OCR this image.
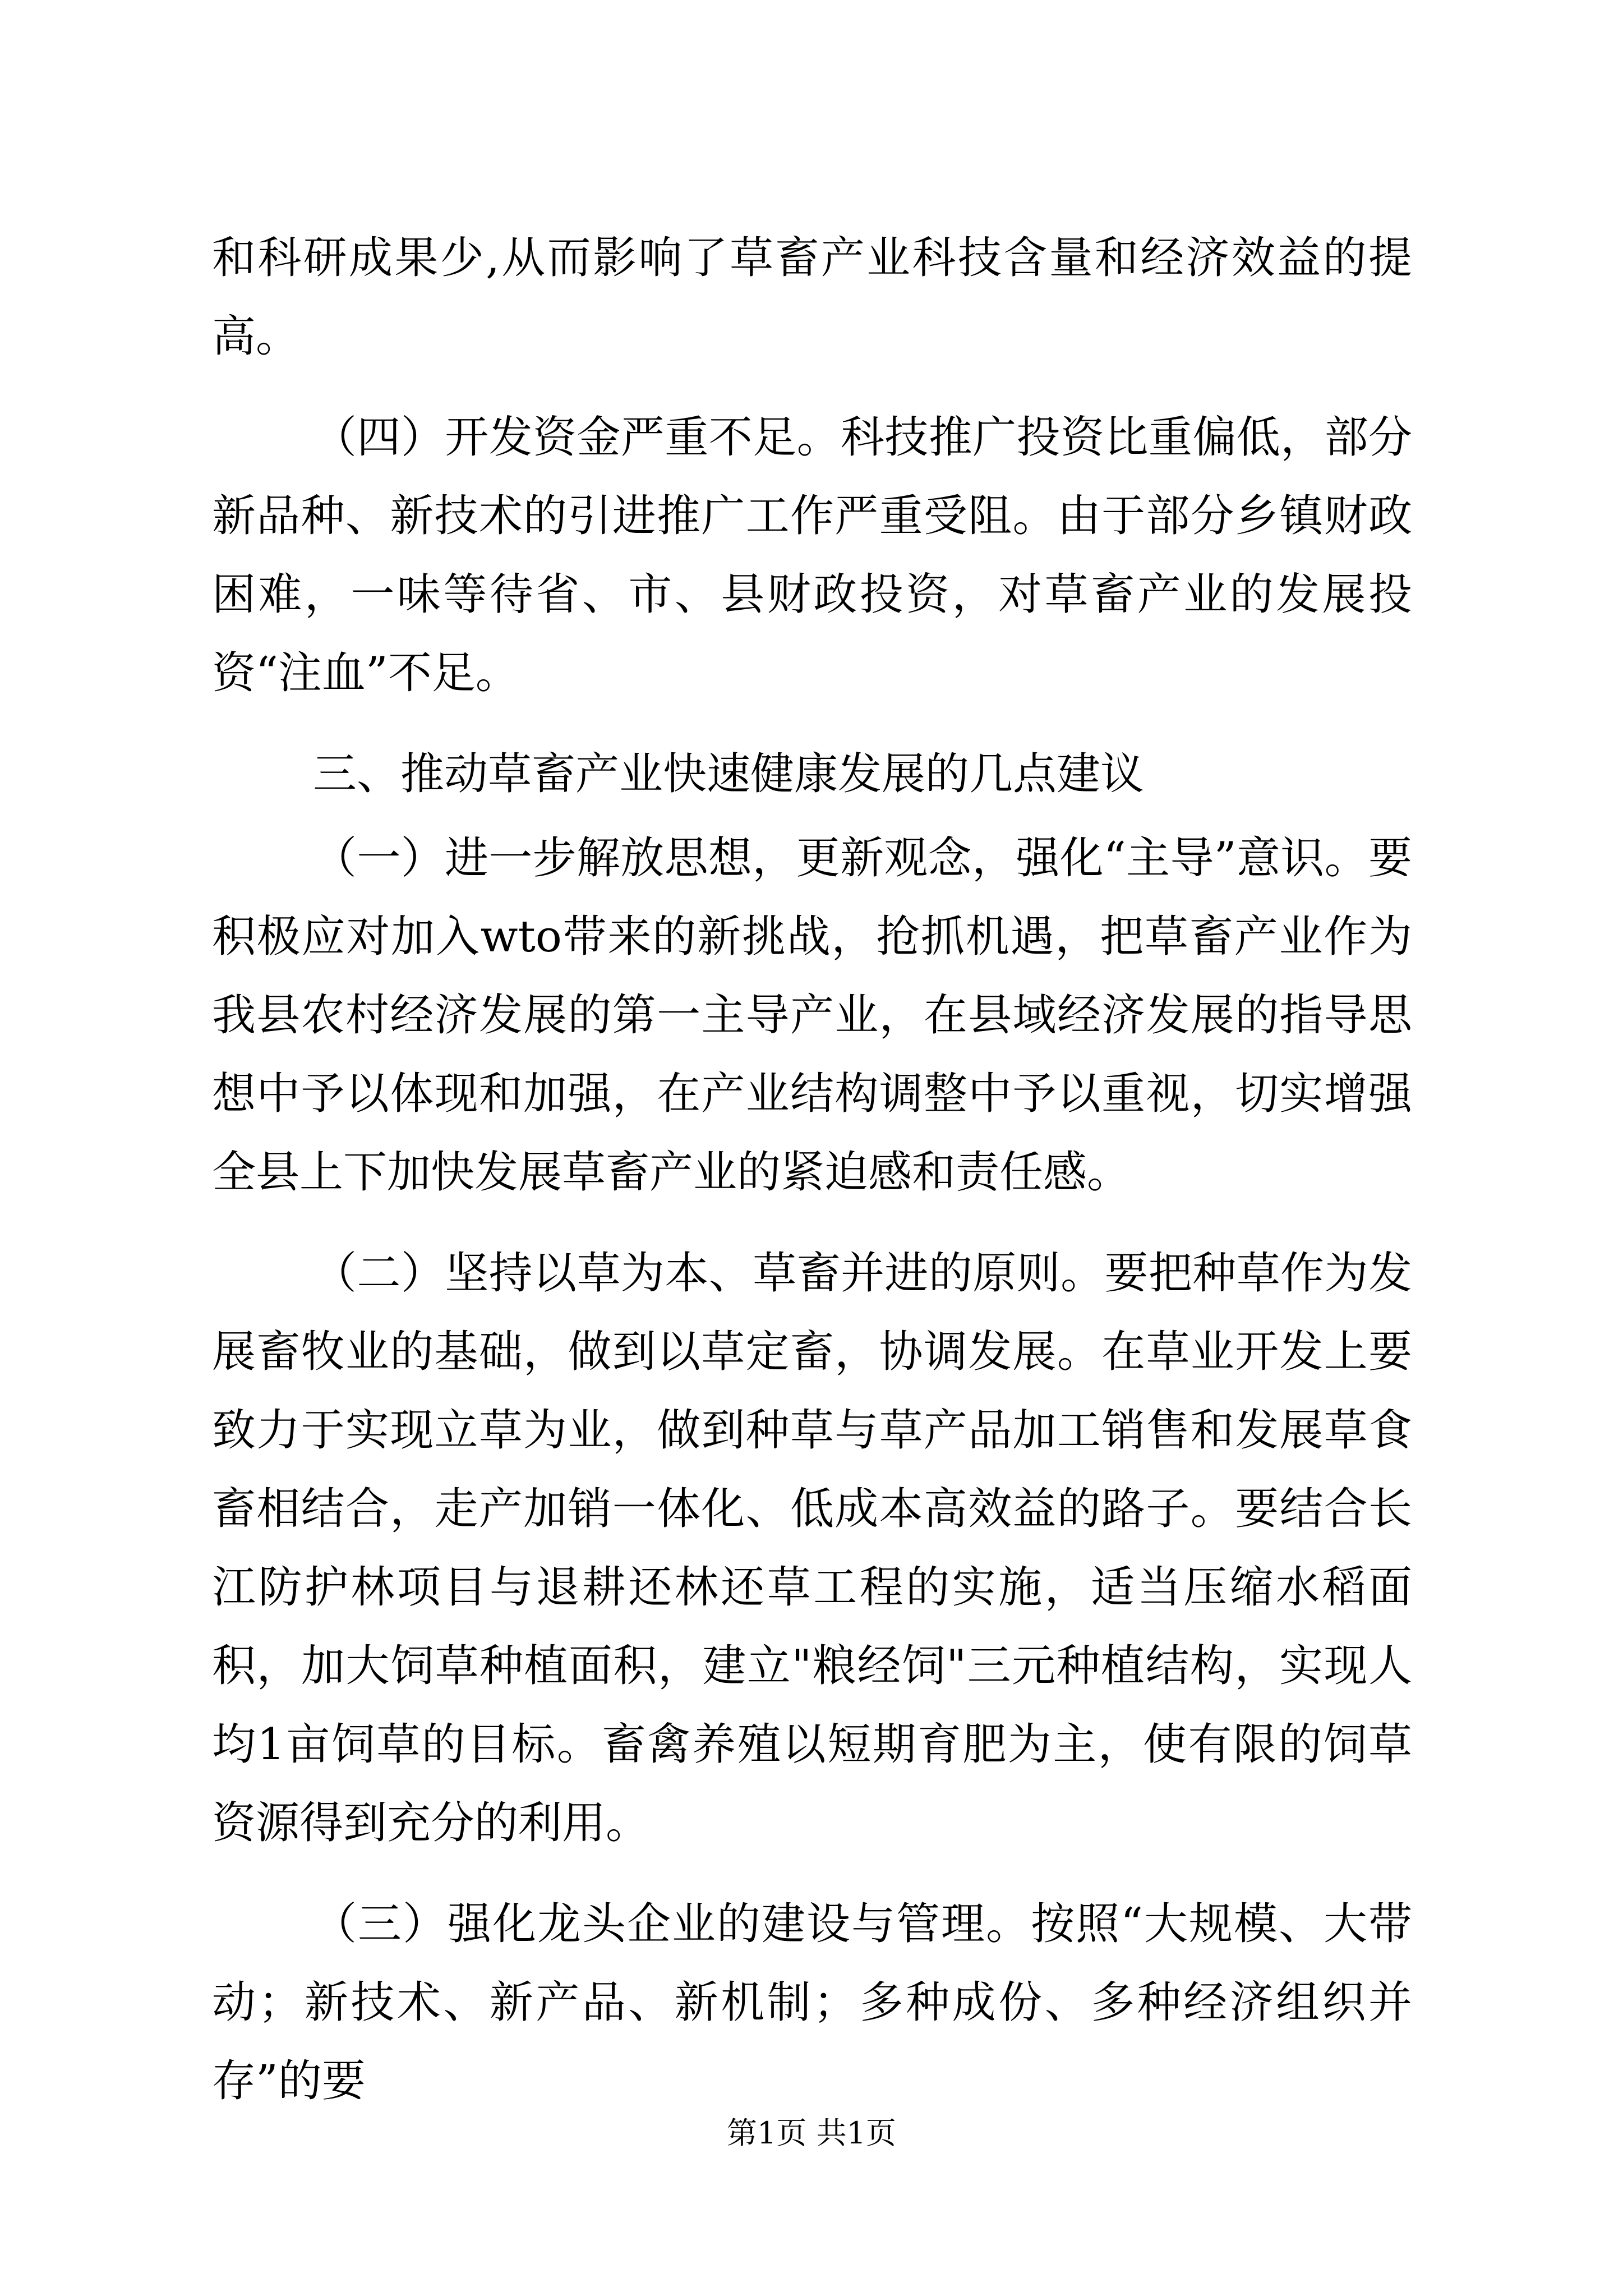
和科研成果少,从而影响了草畜产业科技含量和经济效益的提高。

（四）开发资金严重不足。科技推广投资比重偏低，部分新品种、新技术的引进推广工作严重受阻。由于部分乡镇财政困难，一味等待省、市、县财政投资，对草畜产业的发展投资“注血”不足。

三、推动草畜产业快速健康发展的几点建议

（一）进一步解放思想，更新观念，强化“主导”意识。要积极应对加入wto带来的新挑战，抢抓机遇，把草畜产业作为我县农村经济发展的第一主导产业，在县域经济发展的指导思想中予以体现和加强，在产业结构调整中予以重视，切实增强全县上下加快发展草畜产业的紧迫感和责任感。

（二）坚持以草为本、草畜并进的原则。要把种草作为发展畜牧业的基础，做到以草定畜，协调发展。在草业开发上要致力于实现立草为业，做到种草与草产品加工销售和发展草食畜相结合，走产加销一体化、低成本高效益的路子。要结合长江防护林项目与退耕还林还草工程的实施，适当压缩水稻面积，加大饲草种植面积，建立"粮经饲"三元种植结构，实现人均1亩饲草的目标。畜禽养殖以短期育肥为主，使有限的饲草资源得到充分的利用。

（三）强化龙头企业的建设与管理。按照“大规模、大带动；新技术、新产品、新机制；多种成份、多种经济组织并存”的要

第1页 共1页
